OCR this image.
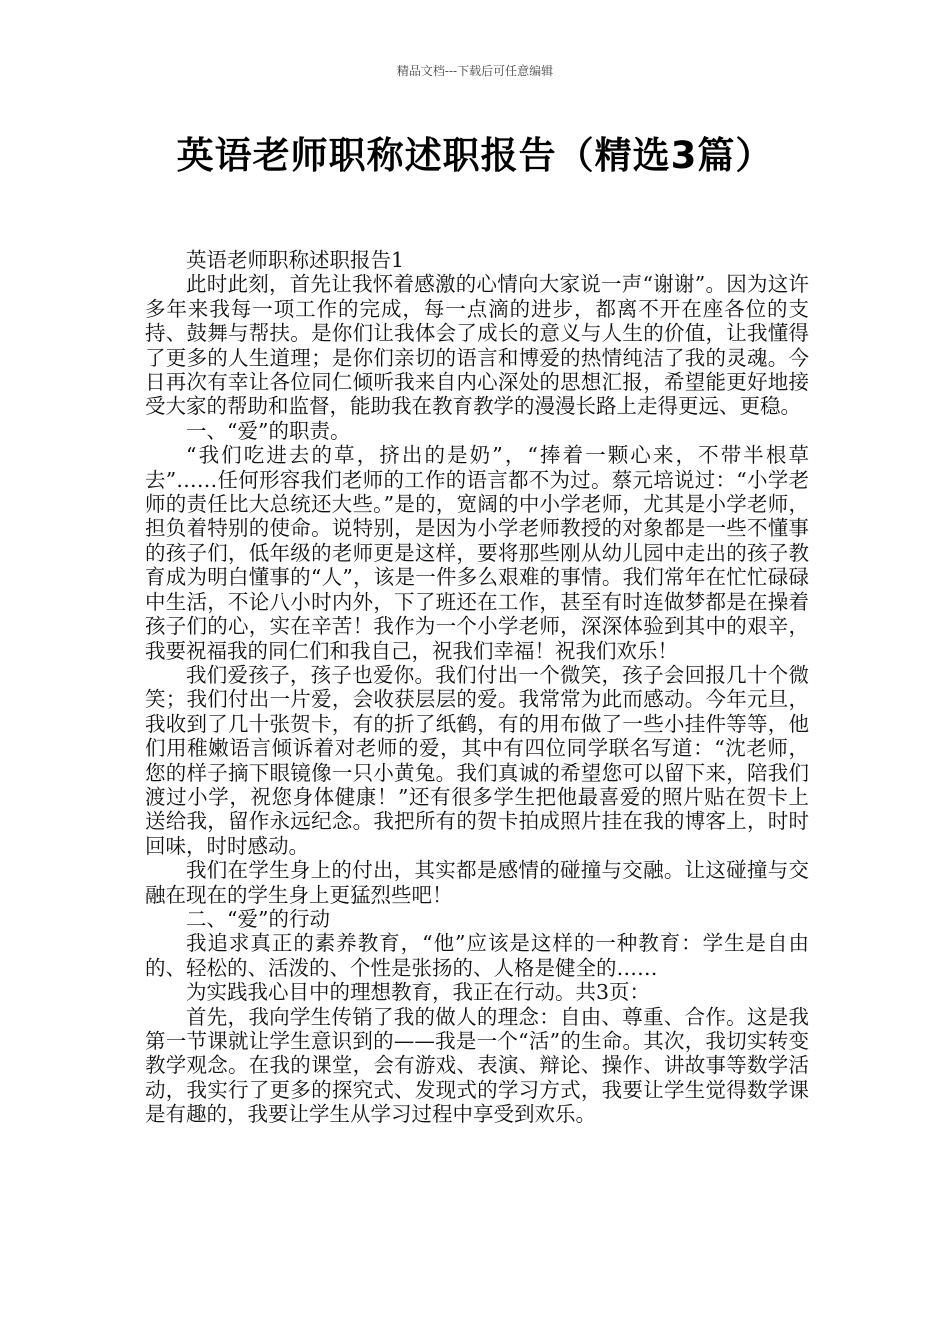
精品文档---下载后可任意编辑
英语老师职称述职报告（精选3篇）

英语老师职称述职报告1

此时此刻，首先让我怀着感激的心情向大家说一声“谢谢”。因为这许多年来我每一项工作的完成，每一点滴的进步，都离不开在座各位的支持、鼓舞与帮扶。是你们让我体会了成长的意义与人生的价值，让我懂得了更多的人生道理；是你们亲切的语言和博爱的热情纯洁了我的灵魂。今日再次有幸让各位同仁倾听我来自内心深处的思想汇报，希望能更好地接受大家的帮助和监督，能助我在教育教学的漫漫长路上走得更远、更稳。

一、“爱”的职责。

“我们吃进去的草，挤出的是奶”，“捧着一颗心来，不带半根草去”……任何形容我们老师的工作的语言都不为过。蔡元培说过：“小学老师的责任比大总统还大些。”是的，宽阔的中小学老师，尤其是小学老师，担负着特别的使命。说特别，是因为小学老师教授的对象都是一些不懂事的孩子们，低年级的老师更是这样，要将那些刚从幼儿园中走出的孩子教育成为明白懂事的“人”，该是一件多么艰难的事情。我们常年在忙忙碌碌中生活，不论八小时内外，下了班还在工作，甚至有时连做梦都是在操着孩子们的心，实在辛苦！我作为一个小学老师，深深体验到其中的艰辛，我要祝福我的同仁们和我自己，祝我们幸福！祝我们欢乐！

我们爱孩子，孩子也爱你。我们付出一个微笑，孩子会回报几十个微笑；我们付出一片爱，会收获层层的爱。我常常为此而感动。今年元旦，我收到了几十张贺卡，有的折了纸鹤，有的用布做了一些小挂件等等，他们用稚嫩语言倾诉着对老师的爱，其中有四位同学联名写道：“沈老师，您的样子摘下眼镜像一只小黄兔。我们真诚的希望您可以留下来，陪我们渡过小学，祝您身体健康！”还有很多学生把他最喜爱的照片贴在贺卡上送给我，留作永远纪念。我把所有的贺卡拍成照片挂在我的博客上，时时回味，时时感动。

我们在学生身上的付出，其实都是感情的碰撞与交融。让这碰撞与交融在现在的学生身上更猛烈些吧！

二、“爱”的行动

我追求真正的素养教育，“他”应该是这样的一种教育：学生是自由的、轻松的、活泼的、个性是张扬的、人格是健全的……

为实践我心目中的理想教育，我正在行动。共3页：

首先，我向学生传销了我的做人的理念：自由、尊重、合作。这是我第一节课就让学生意识到的——我是一个“活”的生命。其次，我切实转变教学观念。在我的课堂，会有游戏、表演、辩论、操作、讲故事等数学活动，我实行了更多的探究式、发现式的学习方式，我要让学生觉得数学课是有趣的，我要让学生从学习过程中享受到欢乐。
